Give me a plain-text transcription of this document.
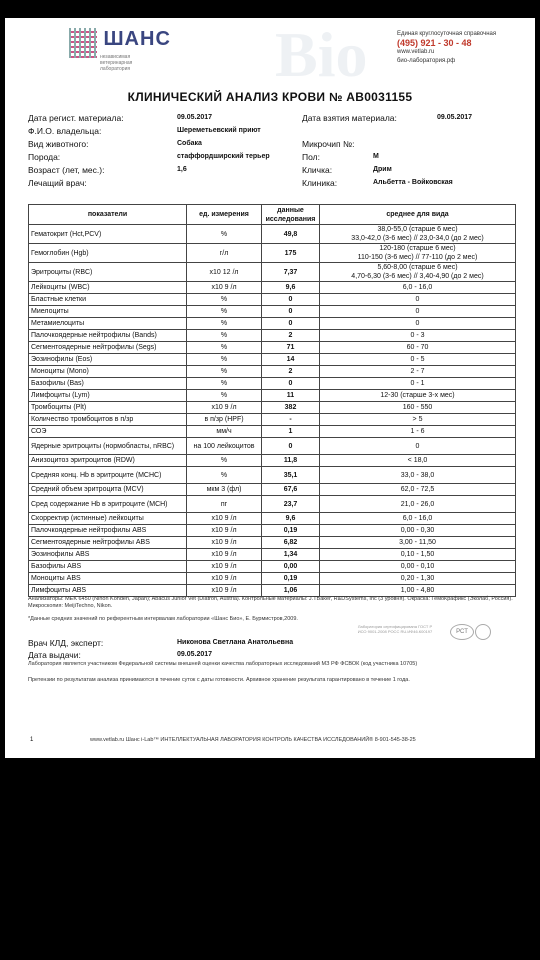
ШАНС
независимая
ветеринарная
лаборатория	Bio	Единая круглосуточная справочная
(495) 921 - 30 - 48
www.vetlab.ru
био-лаборатория.рф
КЛИНИЧЕСКИЙ АНАЛИЗ КРОВИ № АВ0031155
Дата регист. материала:	09.05.2017	Дата взятия материала:	09.05.2017
Ф.И.О. владельца:	Шереметьевский приют
Вид животного:	Собака	Микрочип №:
Порода:	стаффордширский терьер	Пол:	М
Возраст (лет, мес.):	1,6	Кличка:	Дрим
Лечащий врач:	Клиника:	Альбетта - Войковская
показатели	ед. измерения	данные исследования	среднее для вида
Гематокрит (Hct,PCV)	%	49,8	38,0-55,0 (старше 6 мес)
33,0-42,0 (3-6 мес) // 23,0-34,0 (до 2 мес)

Гемоглобин (Hgb)	г/л	175	120-180 (старше 6 мес)
110-150 (3-6 мес) // 77-110 (до 2 мес)

Эритроциты (RBC)	x10 12 /л	7,37	5,60-8,00 (старше 6 мес)
4,70-6,30 (3-6 мес) // 3,40-4,90 (до 2 мес)

Лейкоциты (WBC)	x10 9 /л	9,6	6,0 - 16,0

Бластные клетки	%	0	0

Миелоциты	%	0	0

Метамиелоциты	%	0	0

Палочкоядерные нейтрофилы (Bands)	%	2	0 - 3

Сегментоядерные нейтрофилы (Segs)	%	71	60 - 70

Эозинофилы (Eos)	%	14	0 - 5

Моноциты (Mono)	%	2	2 - 7

Базофилы (Bas)	%	0	0 - 1

Лимфоциты (Lym)	%	11	12-30 (старше 3-х мес)

Тромбоциты (Plt)	x10 9 /л	382	160 - 550

Количество тромбоцитов в п/зр	в п/зр (HPF)	-	> 5

СОЭ	мм/ч	1	1 - 6

Ядерные эритроциты (нормобласты, nRBC)	на 100 лейкоцитов	0	0

Анизоцитоз эритроцитов (RDW)	%	11,8	< 18,0

Средняя конц. Hb в эритроците (MCHC)	%	35,1	33,0 - 38,0

Средний объем эритроцита (MCV)	мкм 3 (фл)	67,6	62,0 - 72,5

Сред содержание Hb в эритроците (MCH)	пг	23,7	21,0 - 26,0

Скорректир (истинные) лейкоциты	x10 9 /л	9,6	6,0 - 16,0

Палочкоядерные нейтрофилы ABS	x10 9 /л	0,19	0,00 - 0,30

Сегментоядерные нейтрофилы ABS	x10 9 /л	6,82	3,00 - 11,50

Эозинофилы ABS	x10 9 /л	1,34	0,10 - 1,50

Базофилы ABS	x10 9 /л	0,00	0,00 - 0,10

Моноциты ABS	x10 9 /л	0,19	0,20 - 1,30

Лимфоциты ABS	x10 9 /л	1,06	1,00 - 4,80
Анализаторы: MEK 6450 (Nihon Kohden, Japan); Abacus Junior Vet (Diatron, Austria). Контрольные материалы: J.TBaker, R&DSystems, Inc (3 уровня). Окраска: ГемоКрафикс (Эколаб, Россия). Микроскопия: MeijiTechno, Nikon.
*Данные средних значений по референтным интервалам лаборатории «Шанс Био», Е. Бурмистров,2009.
Врач КЛД, эксперт:	Никонова Светлана Анатольевна
Дата выдачи:	09.05.2017
Лаборатория сертифицирована ГОСТ Р ИСО 9001-2008 РОСС RU.ИФ46.К00197	РСТ
Лаборатория является участником Федеральной системы внешней оценки качества лабораторных исследований МЗ РФ ФСВОК (код участника 10705)
Претензии по результатам анализа принимаются в течение суток с даты готовности. Архивное хранение результата гарантировано в течение 1 года.
1	www.vetlab.ru Шанс i-Lab™ ИНТЕЛЛЕКТУАЛЬНАЯ ЛАБОРАТОРИЯ КОНТРОЛЬ КАЧЕСТВА ИССЛЕДОВАНИЙ® 8-901-545-38-25
